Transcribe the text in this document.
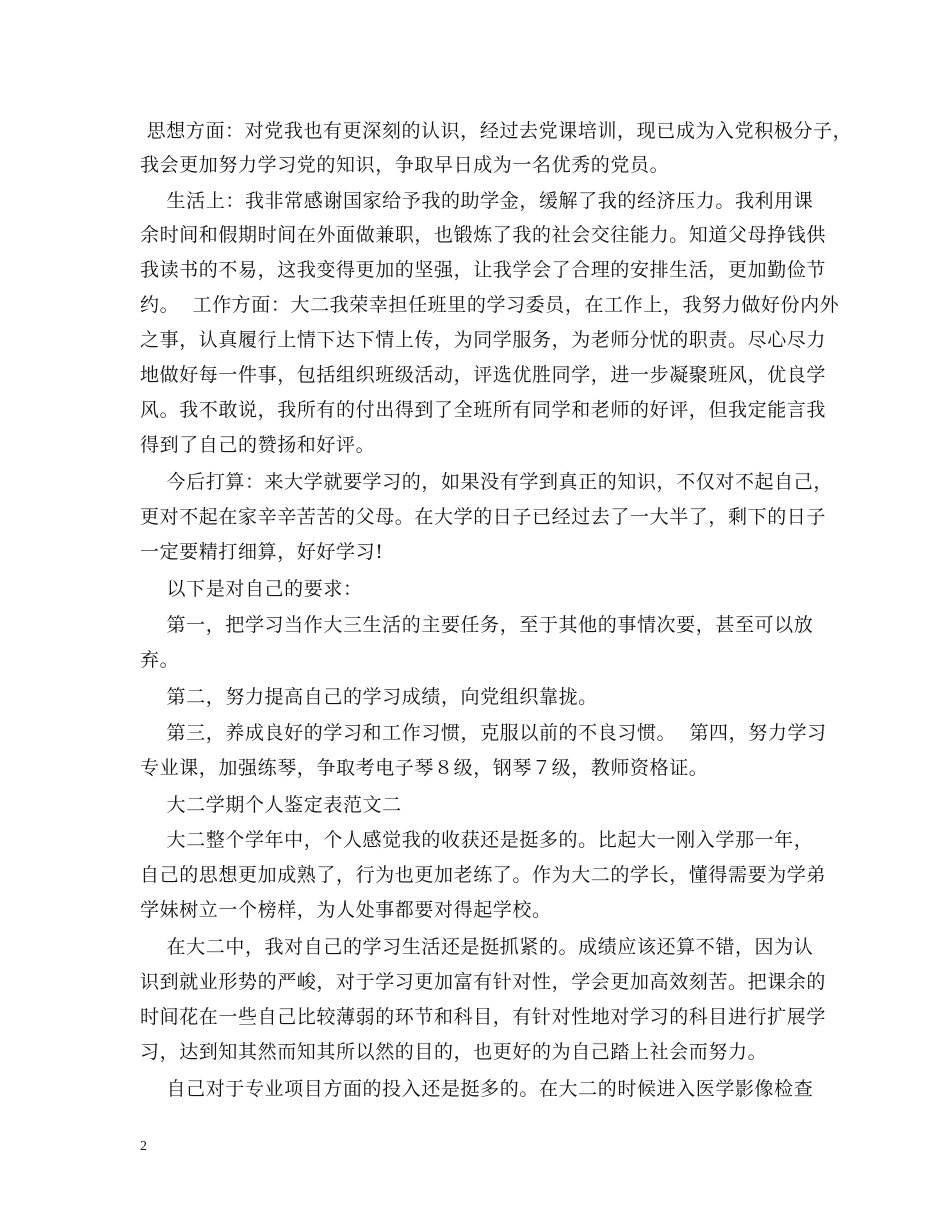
思想方面：对党我也有更深刻的认识，经过去党课培训，现已成为入党积极分子，
我会更加努力学习党的知识，争取早日成为一名优秀的党员。
生活上：我非常感谢国家给予我的助学金，缓解了我的经济压力。我利用课
余时间和假期时间在外面做兼职，也锻炼了我的社会交往能力。知道父母挣钱供
我读书的不易，这我变得更加的坚强，让我学会了合理的安排生活，更加勤俭节
约。  工作方面：大二我荣幸担任班里的学习委员，在工作上，我努力做好份内外
之事，认真履行上情下达下情上传，为同学服务，为老师分忧的职责。尽心尽力
地做好每一件事，包括组织班级活动，评选优胜同学，进一步凝聚班风，优良学
风。我不敢说，我所有的付出得到了全班所有同学和老师的好评，但我定能言我
得到了自己的赞扬和好评。
今后打算：来大学就要学习的，如果没有学到真正的知识，不仅对不起自己，
更对不起在家辛辛苦苦的父母。在大学的日子已经过去了一大半了，剩下的日子
一定要精打细算，好好学习!
以下是对自己的要求：
第一，把学习当作大三生活的主要任务，至于其他的事情次要，甚至可以放
弃。
第二，努力提高自己的学习成绩，向党组织靠拢。
第三，养成良好的学习和工作习惯，克服以前的不良习惯。  第四，努力学习
专业课，加强练琴，争取考电子琴８级，钢琴７级，教师资格证。
大二学期个人鉴定表范文二
大二整个学年中，个人感觉我的收获还是挺多的。比起大一刚入学那一年，
自己的思想更加成熟了，行为也更加老练了。作为大二的学长，懂得需要为学弟
学妹树立一个榜样，为人处事都要对得起学校。
在大二中，我对自己的学习生活还是挺抓紧的。成绩应该还算不错，因为认
识到就业形势的严峻，对于学习更加富有针对性，学会更加高效刻苦。把课余的
时间花在一些自己比较薄弱的环节和科目，有针对性地对学习的科目进行扩展学
习，达到知其然而知其所以然的目的，也更好的为自己踏上社会而努力。
自己对于专业项目方面的投入还是挺多的。在大二的时候进入医学影像检查
2
